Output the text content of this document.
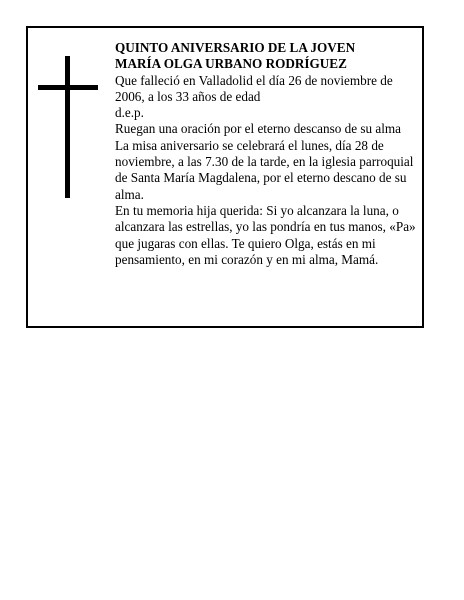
QUINTO ANIVERSARIO DE LA JOVEN

MARÍA OLGA URBANO RODRÍGUEZ

Que falleció en Valladolid el día 26 de noviembre de 2006, a los 33 años de edad

d.e.p.

Ruegan una oración por el eterno descanso de su alma

La misa aniversario se celebrará el lunes, día 28 de noviembre, a las 7.30 de la tarde, en la iglesia parroquial de Santa María Magdalena, por el eterno descano de su alma.

En tu memoria hija querida: Si yo alcanzara la luna, o alcanzara las estrellas, yo las pondría en tus manos, «Pa» que jugaras con ellas. Te quiero Olga, estás en mi pensamiento, en mi corazón y en mi alma, Mamá.
